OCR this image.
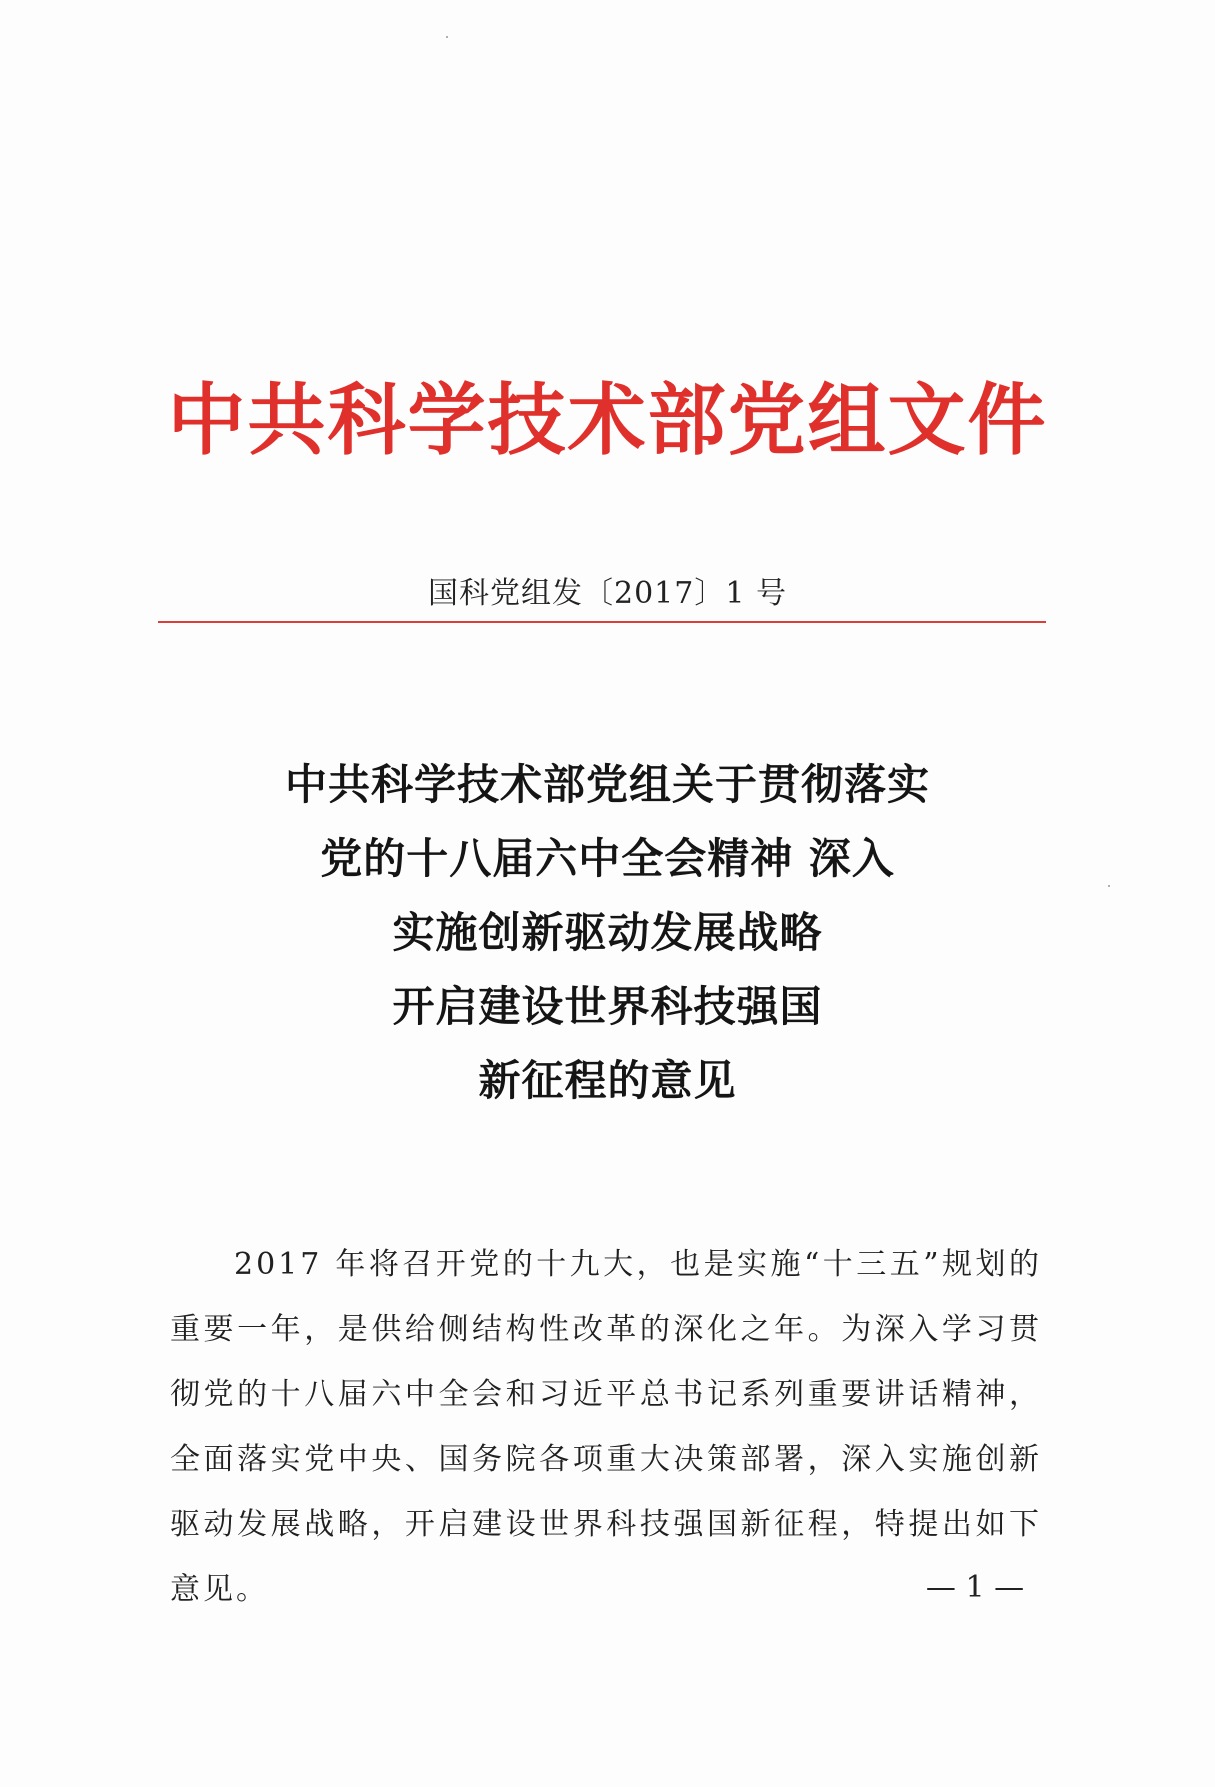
中共科学技术部党组文件
国科党组发〔2017〕1 号
中共科学技术部党组关于贯彻落实
党的十八届六中全会精神 深入
实施创新驱动发展战略
开启建设世界科技强国
新征程的意见

2017 年将召开党的十九大，也是实施“十三五”规划的重要一年，是供给侧结构性改革的深化之年。为深入学习贯彻党的十八届六中全会和习近平总书记系列重要讲话精神，全面落实党中央、国务院各项重大决策部署，深入实施创新驱动发展战略，开启建设世界科技强国新征程，特提出如下意见。	— 1 —
